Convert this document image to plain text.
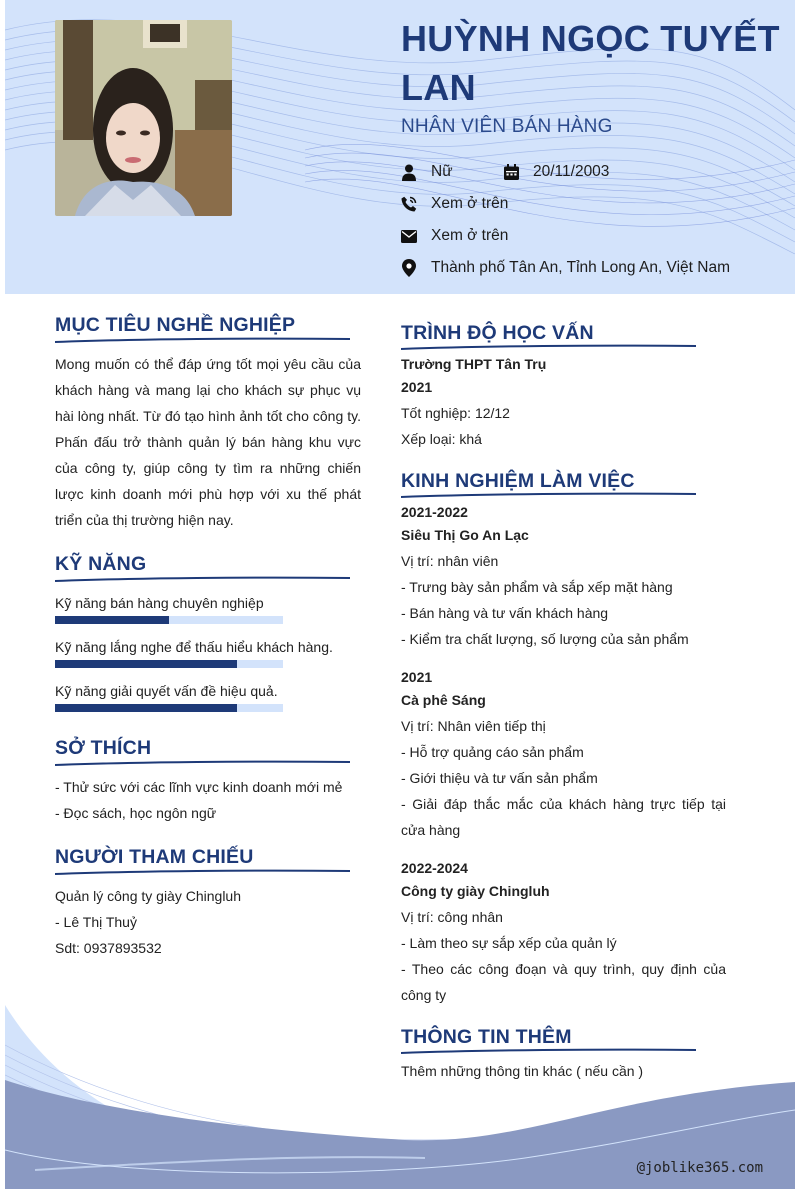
HUỲNH NGỌC TUYẾT LAN
NHÂN VIÊN BÁN HÀNG
Nữ	20/11/2003
Xem ở trên
Xem ở trên
Thành phố Tân An, Tỉnh Long An, Việt Nam
MỤC TIÊU NGHỀ NGHIỆP
Mong muốn có thể đáp ứng tốt mọi yêu cầu của khách hàng và mang lại cho khách sự phục vụ hài lòng nhất. Từ đó tạo hình ảnh tốt cho công ty. Phấn đấu trở thành quản lý bán hàng khu vực của công ty, giúp công ty tìm ra những chiến lược kinh doanh mới phù hợp với xu thế phát triển của thị trường hiện nay.
KỸ NĂNG
Kỹ năng bán hàng chuyên nghiệp
Kỹ năng lắng nghe để thấu hiểu khách hàng.
Kỹ năng giải quyết vấn đề hiệu quả.
SỞ THÍCH
- Thử sức với các lĩnh vực kinh doanh mới mẻ
- Đọc sách, học ngôn ngữ
NGƯỜI THAM CHIẾU
Quản lý công ty giày Chingluh
- Lê Thị Thuỷ
Sdt: 0937893532
TRÌNH ĐỘ HỌC VẤN
Trường THPT Tân Trụ
2021
Tốt nghiệp: 12/12
Xếp loại: khá
KINH NGHIỆM LÀM VIỆC
2021-2022
Siêu Thị Go An Lạc
Vị trí: nhân viên
- Trưng bày sản phẩm và sắp xếp mặt hàng
- Bán hàng và tư vấn khách hàng
- Kiểm tra chất lượng, số lượng của sản phẩm
2021
Cà phê Sáng
Vị trí: Nhân viên tiếp thị
- Hỗ trợ quảng cáo sản phẩm
- Giới thiệu và tư vấn sản phẩm
- Giải đáp thắc mắc của khách hàng trực tiếp tại cửa hàng
2022-2024
Công ty giày Chingluh
Vị trí: công nhân
- Làm theo sự sắp xếp của quản lý
- Theo các công đoạn và quy trình, quy định của công ty
THÔNG TIN THÊM
Thêm những thông tin khác ( nếu cần )
@joblike365.com
